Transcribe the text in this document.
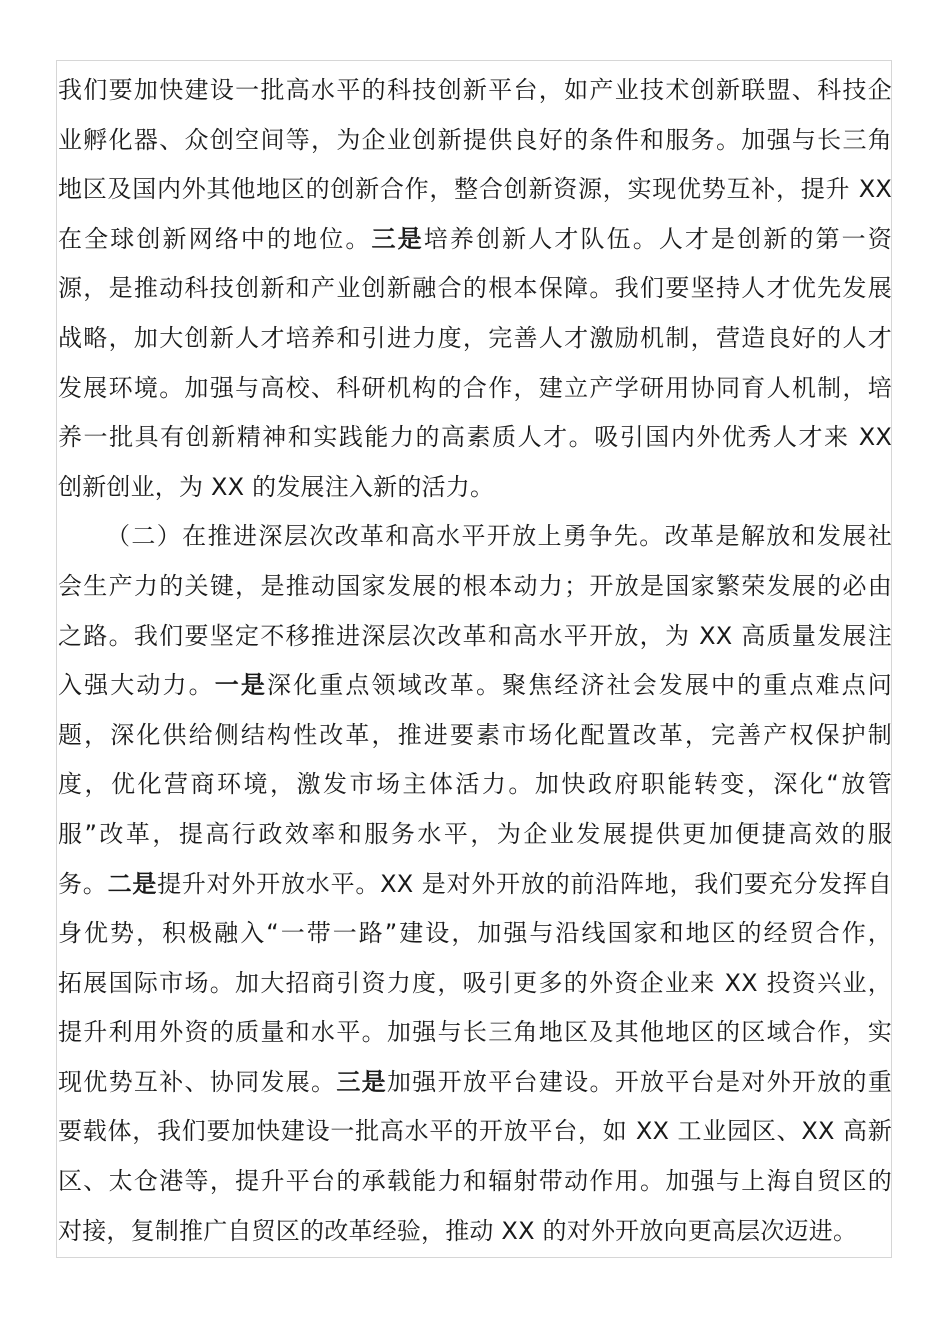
我们要加快建设一批高水平的科技创新平台，如产业技术创新联盟、科技企
业孵化器、众创空间等，为企业创新提供良好的条件和服务。加强与长三角
地区及国内外其他地区的创新合作，整合创新资源，实现优势互补，提升 XX
在全球创新网络中的地位。三是培养创新人才队伍。人才是创新的第一资
源，是推动科技创新和产业创新融合的根本保障。我们要坚持人才优先发展
战略，加大创新人才培养和引进力度，完善人才激励机制，营造良好的人才
发展环境。加强与高校、科研机构的合作，建立产学研用协同育人机制，培
养一批具有创新精神和实践能力的高素质人才。吸引国内外优秀人才来 XX
创新创业，为 XX 的发展注入新的活力。
（二）在推进深层次改革和高水平开放上勇争先。改革是解放和发展社
会生产力的关键，是推动国家发展的根本动力；开放是国家繁荣发展的必由
之路。我们要坚定不移推进深层次改革和高水平开放，为 XX 高质量发展注
入强大动力。一是深化重点领域改革。聚焦经济社会发展中的重点难点问
题，深化供给侧结构性改革，推进要素市场化配置改革，完善产权保护制
度，优化营商环境，激发市场主体活力。加快政府职能转变，深化“放管
服”改革，提高行政效率和服务水平，为企业发展提供更加便捷高效的服
务。二是提升对外开放水平。XX 是对外开放的前沿阵地，我们要充分发挥自
身优势，积极融入“一带一路”建设，加强与沿线国家和地区的经贸合作，
拓展国际市场。加大招商引资力度，吸引更多的外资企业来 XX 投资兴业，
提升利用外资的质量和水平。加强与长三角地区及其他地区的区域合作，实
现优势互补、协同发展。三是加强开放平台建设。开放平台是对外开放的重
要载体，我们要加快建设一批高水平的开放平台，如 XX 工业园区、XX 高新
区、太仓港等，提升平台的承载能力和辐射带动作用。加强与上海自贸区的
对接，复制推广自贸区的改革经验，推动 XX 的对外开放向更高层次迈进。
